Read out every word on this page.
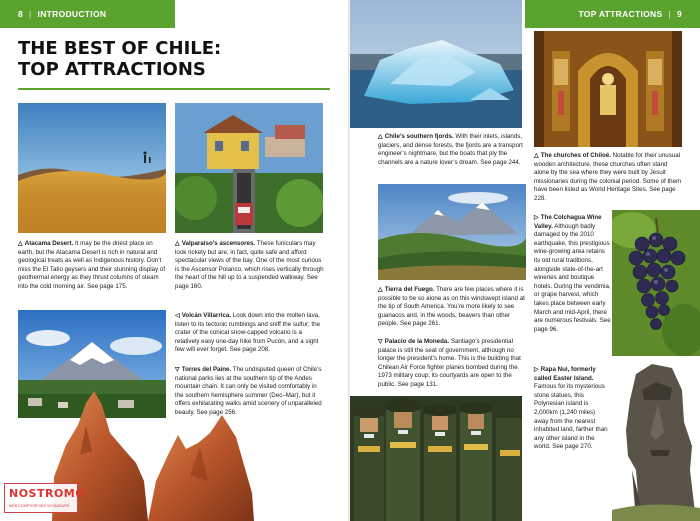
8 | INTRODUCTION
THE BEST OF CHILE:
TOP ATTRACTIONS
△ Atacama Desert. It may be the driest place on earth, but the Atacama Desert is rich in natural and geological treats as well as Indigenous history. Don’t miss the El Tatio geysers and their stunning display of geothermal energy as they thrust columns of steam into the cold morning air. See page 175.
△ Valparaíso’s ascensores. These funiculars may look rickety but are, in fact, quite safe and afford spectacular views of the bay. One of the most curious is the Ascensor Polanco, which rises vertically through the heart of the hill up to a suspended walkway. See page 160.
◁ Volcán Villarrica. Look down into the molten lava, listen to its tectonic rumblings and sniff the sulfur; the crater of the conical snow-capped volcano is a relatively easy one-day hike from Pucón, and a sight few will ever forget. See page 208.
▽ Torres del Paine. The undisputed queen of Chile’s national parks lies at the southern tip of the Andes mountain chain. It can only be visited comfortably in the southern hemisphere summer (Dec–Mar), but it offers exhilarating walks amid scenery of unparalleled beauty. See page 256.
NOSTROMO
WEB COMPTOIR DES VOYAGEURS
TOP ATTRACTIONS | 9
△ Chile’s southern fjords. With their inlets, islands, glaciers, and dense forests, the fjords are a transport engineer’s nightmare, but the boats that ply the channels are a nature lover’s dream. See page 244.
△ The churches of Chiloé. Notable for their unusual wooden architecture, these churches often stand alone by the sea where they were built by Jesuit missionaries during the colonial period. Some of them have been listed as World Heritage Sites. See page 228.
△ Tierra del Fuego. There are few places where it is possible to be so alone as on this windswept island at the tip of South America. You’re more likely to see guanacos and, in the woods, beavers than other people. See page 261.
▽ Palacio de la Moneda. Santiago’s presidential palace is still the seat of government, although no longer the president’s home. This is the building that Chilean Air Force fighter planes bombed during the 1973 military coup; its courtyards are open to the public. See page 131.
▷ The Colchagua Wine Valley. Although badly damaged by the 2010 earthquake, this prestigious wine-growing area retains its old rural traditions, alongside state-of-the-art wineries and boutique hotels. During the vendimia, or grape harvest, which takes place between early March and mid-April, there are numerous festivals. See page 96.
▷ Rapa Nui, formerly called Easter Island. Famous for its mysterious stone statues, this Polynesian island is 2,000km (1,240 miles) away from the nearest inhabited land, farther than any other island in the world. See page 270.
